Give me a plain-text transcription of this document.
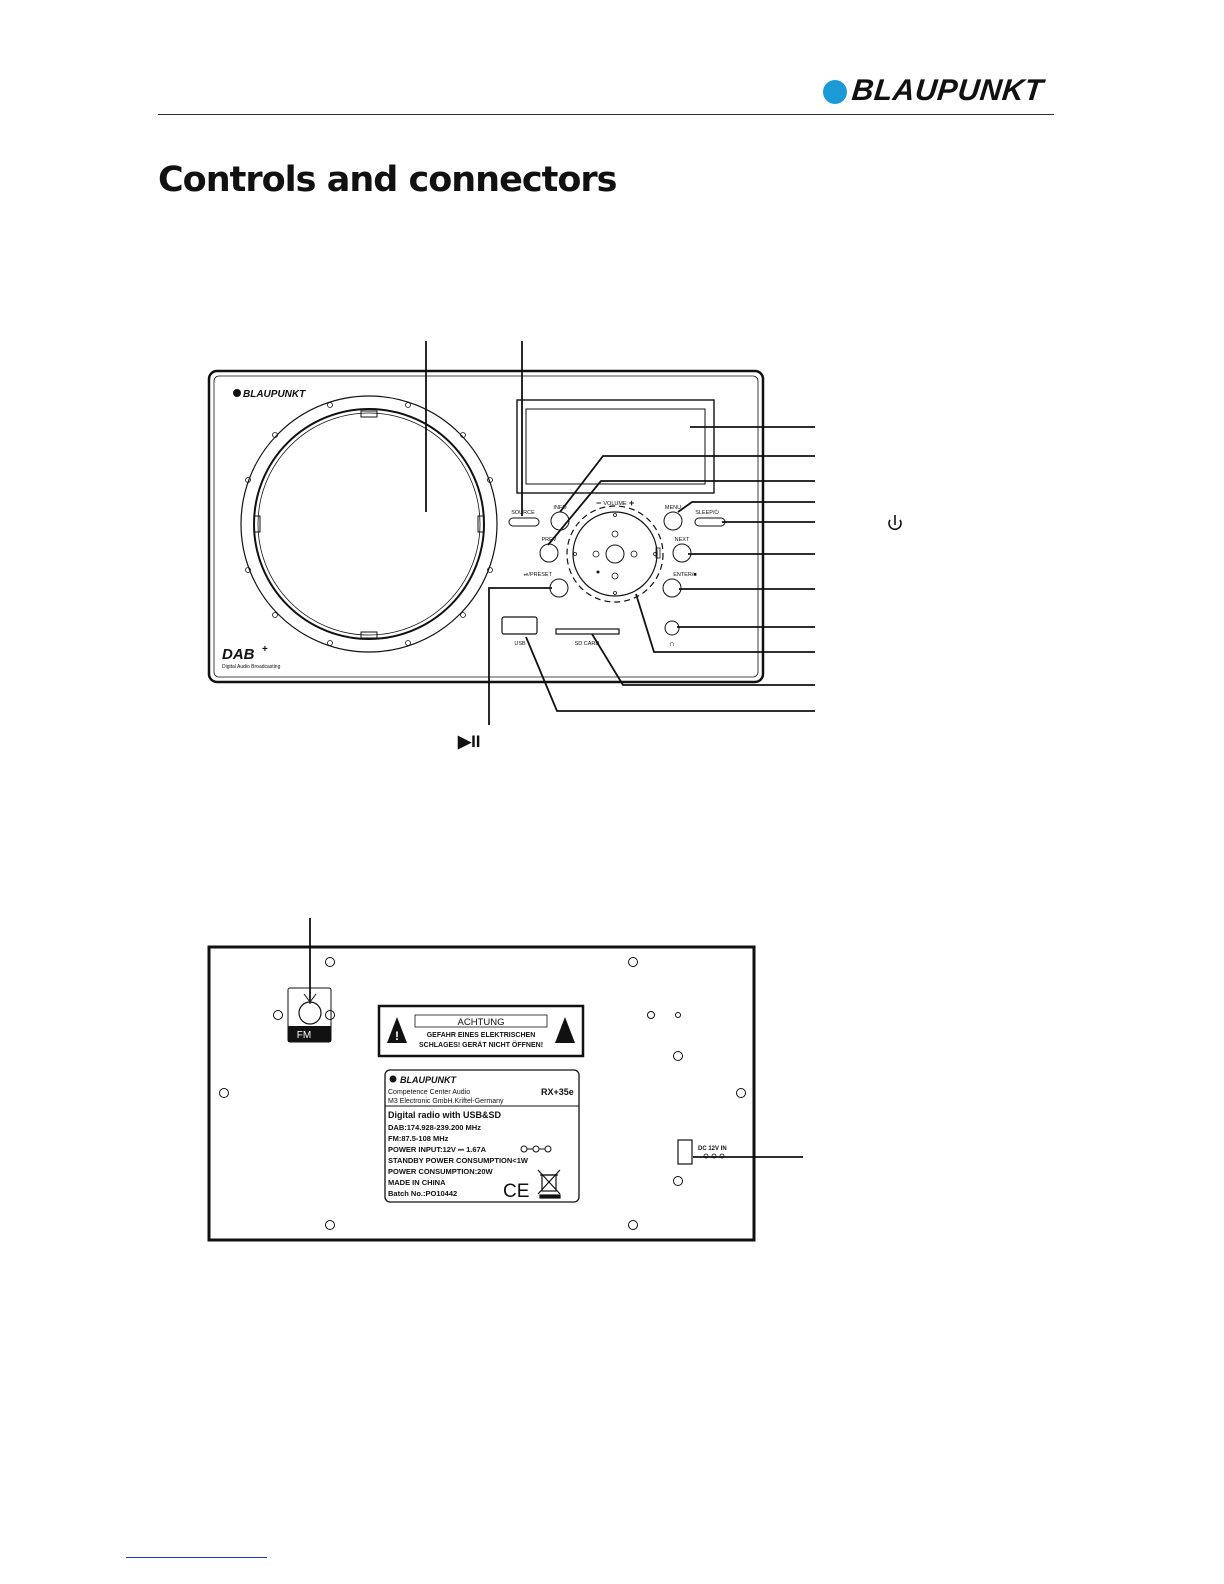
BLAUPUNKT
Controls and connectors
BLAUPUNKT
DAB +
Digital Audio Broadcasting
SOURCE
INFO
PREV
⏯/PRESET
VOLUME
−	+	MENU
SLEEP/⏻
NEXT
ENTER/■
∩
USB	SD CARD
▶II
FM	!
ACHTUNG
GEFAHR EINES ELEKTRISCHEN
SCHLAGES! GERÄT NICHT ÖFFNEN!
BLAUPUNKT
Competence Center Audio
M3 Electronic GmbH.Kriftel-Germany
RX+35e
Digital radio with USB&SD
DAB:174.928-239.200 MHz
FM:87.5-108 MHz
POWER INPUT:12V ⎓ 1.67A
STANDBY POWER CONSUMPTION<1W
POWER CONSUMPTION:20W
MADE IN CHINA
Batch No.:PO10442 CE
DC 12V IN
